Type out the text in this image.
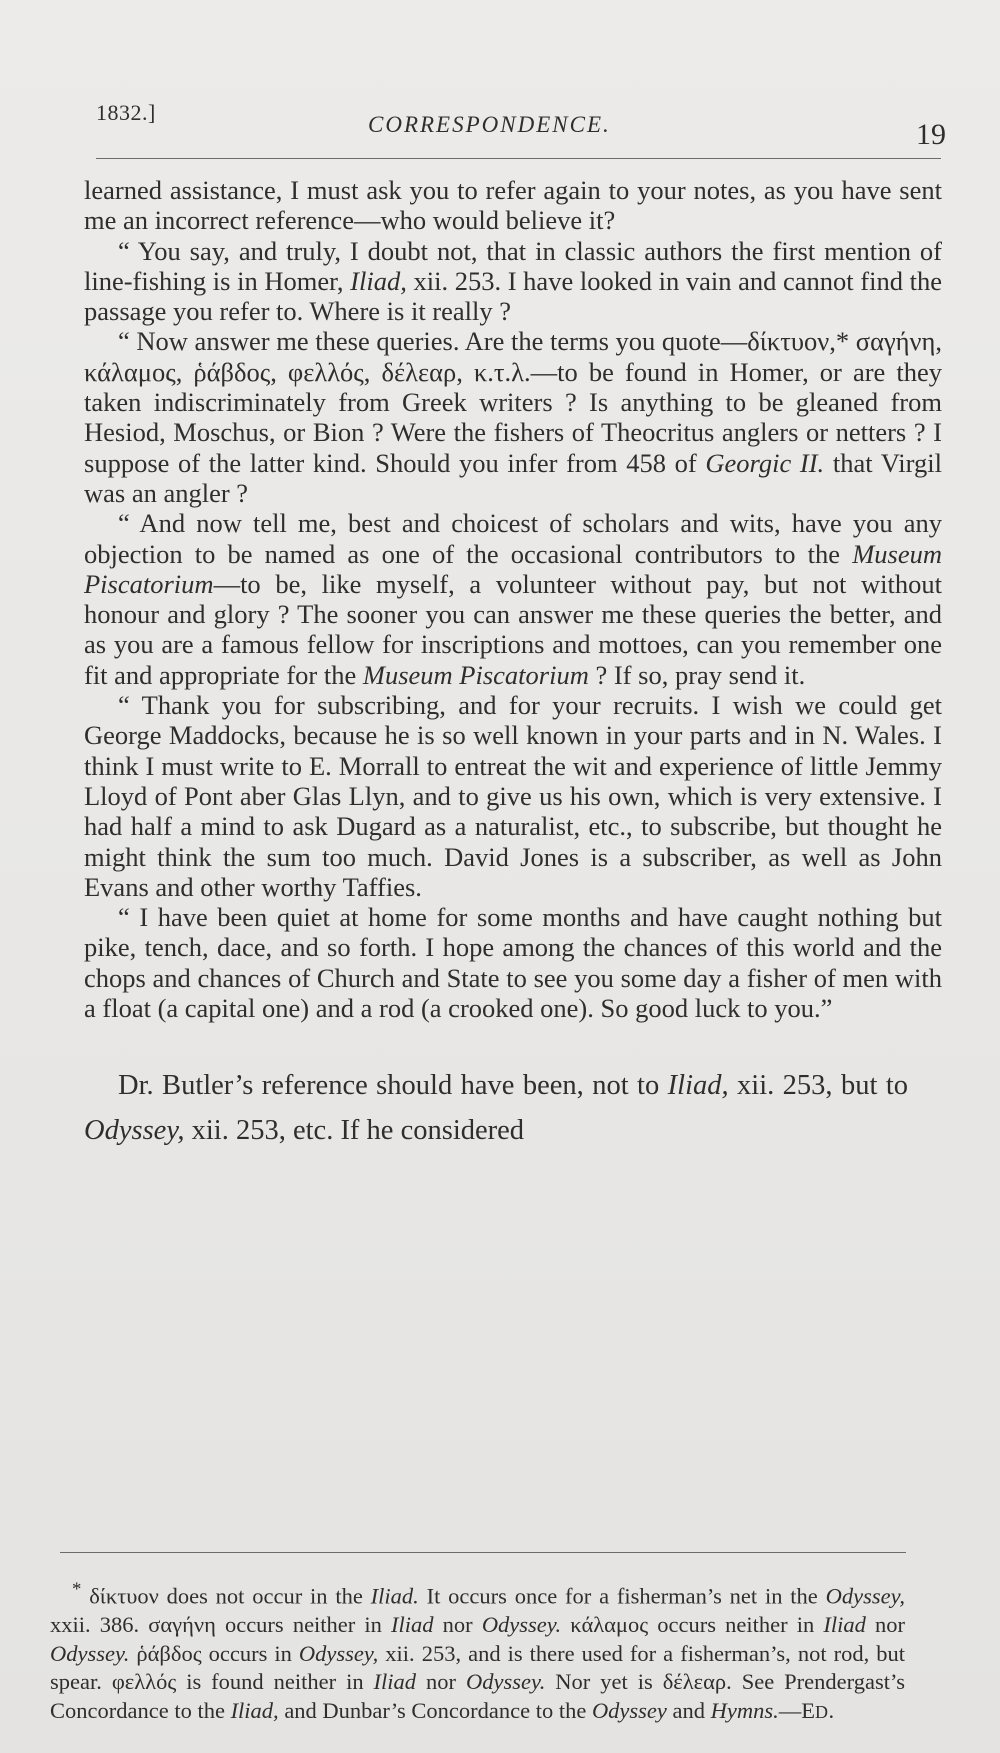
1832.]	CORRESPONDENCE.	19

learned assistance, I must ask you to refer again to your notes, as you have sent me an incorrect reference—who would believe it?

“ You say, and truly, I doubt not, that in classic authors the first mention of line-fishing is in Homer, Iliad, xii. 253. I have looked in vain and cannot find the passage you refer to. Where is it really ?

“ Now answer me these queries. Are the terms you quote—δίκτυον,* σαγήνη, κάλαμος, ῥάβδος, φελλός, δέλεαρ, κ.τ.λ.—to be found in Homer, or are they taken indiscriminately from Greek writers ? Is anything to be gleaned from Hesiod, Moschus, or Bion ? Were the fishers of Theocritus anglers or netters ? I suppose of the latter kind. Should you infer from 458 of Georgic II. that Virgil was an angler ?

“ And now tell me, best and choicest of scholars and wits, have you any objection to be named as one of the occasional contributors to the Museum Piscatorium—to be, like myself, a volunteer without pay, but not without honour and glory ? The sooner you can answer me these queries the better, and as you are a famous fellow for inscriptions and mottoes, can you remember one fit and appropriate for the Museum Piscatorium ? If so, pray send it.

“ Thank you for subscribing, and for your recruits. I wish we could get George Maddocks, because he is so well known in your parts and in N. Wales. I think I must write to E. Morrall to entreat the wit and experience of little Jemmy Lloyd of Pont aber Glas Llyn, and to give us his own, which is very extensive. I had half a mind to ask Dugard as a naturalist, etc., to subscribe, but thought he might think the sum too much. David Jones is a subscriber, as well as John Evans and other worthy Taffies.

“ I have been quiet at home for some months and have caught nothing but pike, tench, dace, and so forth. I hope among the chances of this world and the chops and chances of Church and State to see you some day a fisher of men with a float (a capital one) and a rod (a crooked one). So good luck to you.”

Dr. Butler’s reference should have been, not to Iliad, xii. 253, but to Odyssey, xii. 253, etc. If he considered

* δίκτυον does not occur in the Iliad. It occurs once for a fisherman’s net in the Odyssey, xxii. 386. σαγήνη occurs neither in Iliad nor Odyssey. κάλαμος occurs neither in Iliad nor Odyssey. ῥάβδος occurs in Odyssey, xii. 253, and is there used for a fisherman’s, not rod, but spear. φελλός is found neither in Iliad nor Odyssey. Nor yet is δέλεαρ. See Prendergast’s Concordance to the Iliad, and Dunbar’s Concordance to the Odyssey and Hymns.—ED.
